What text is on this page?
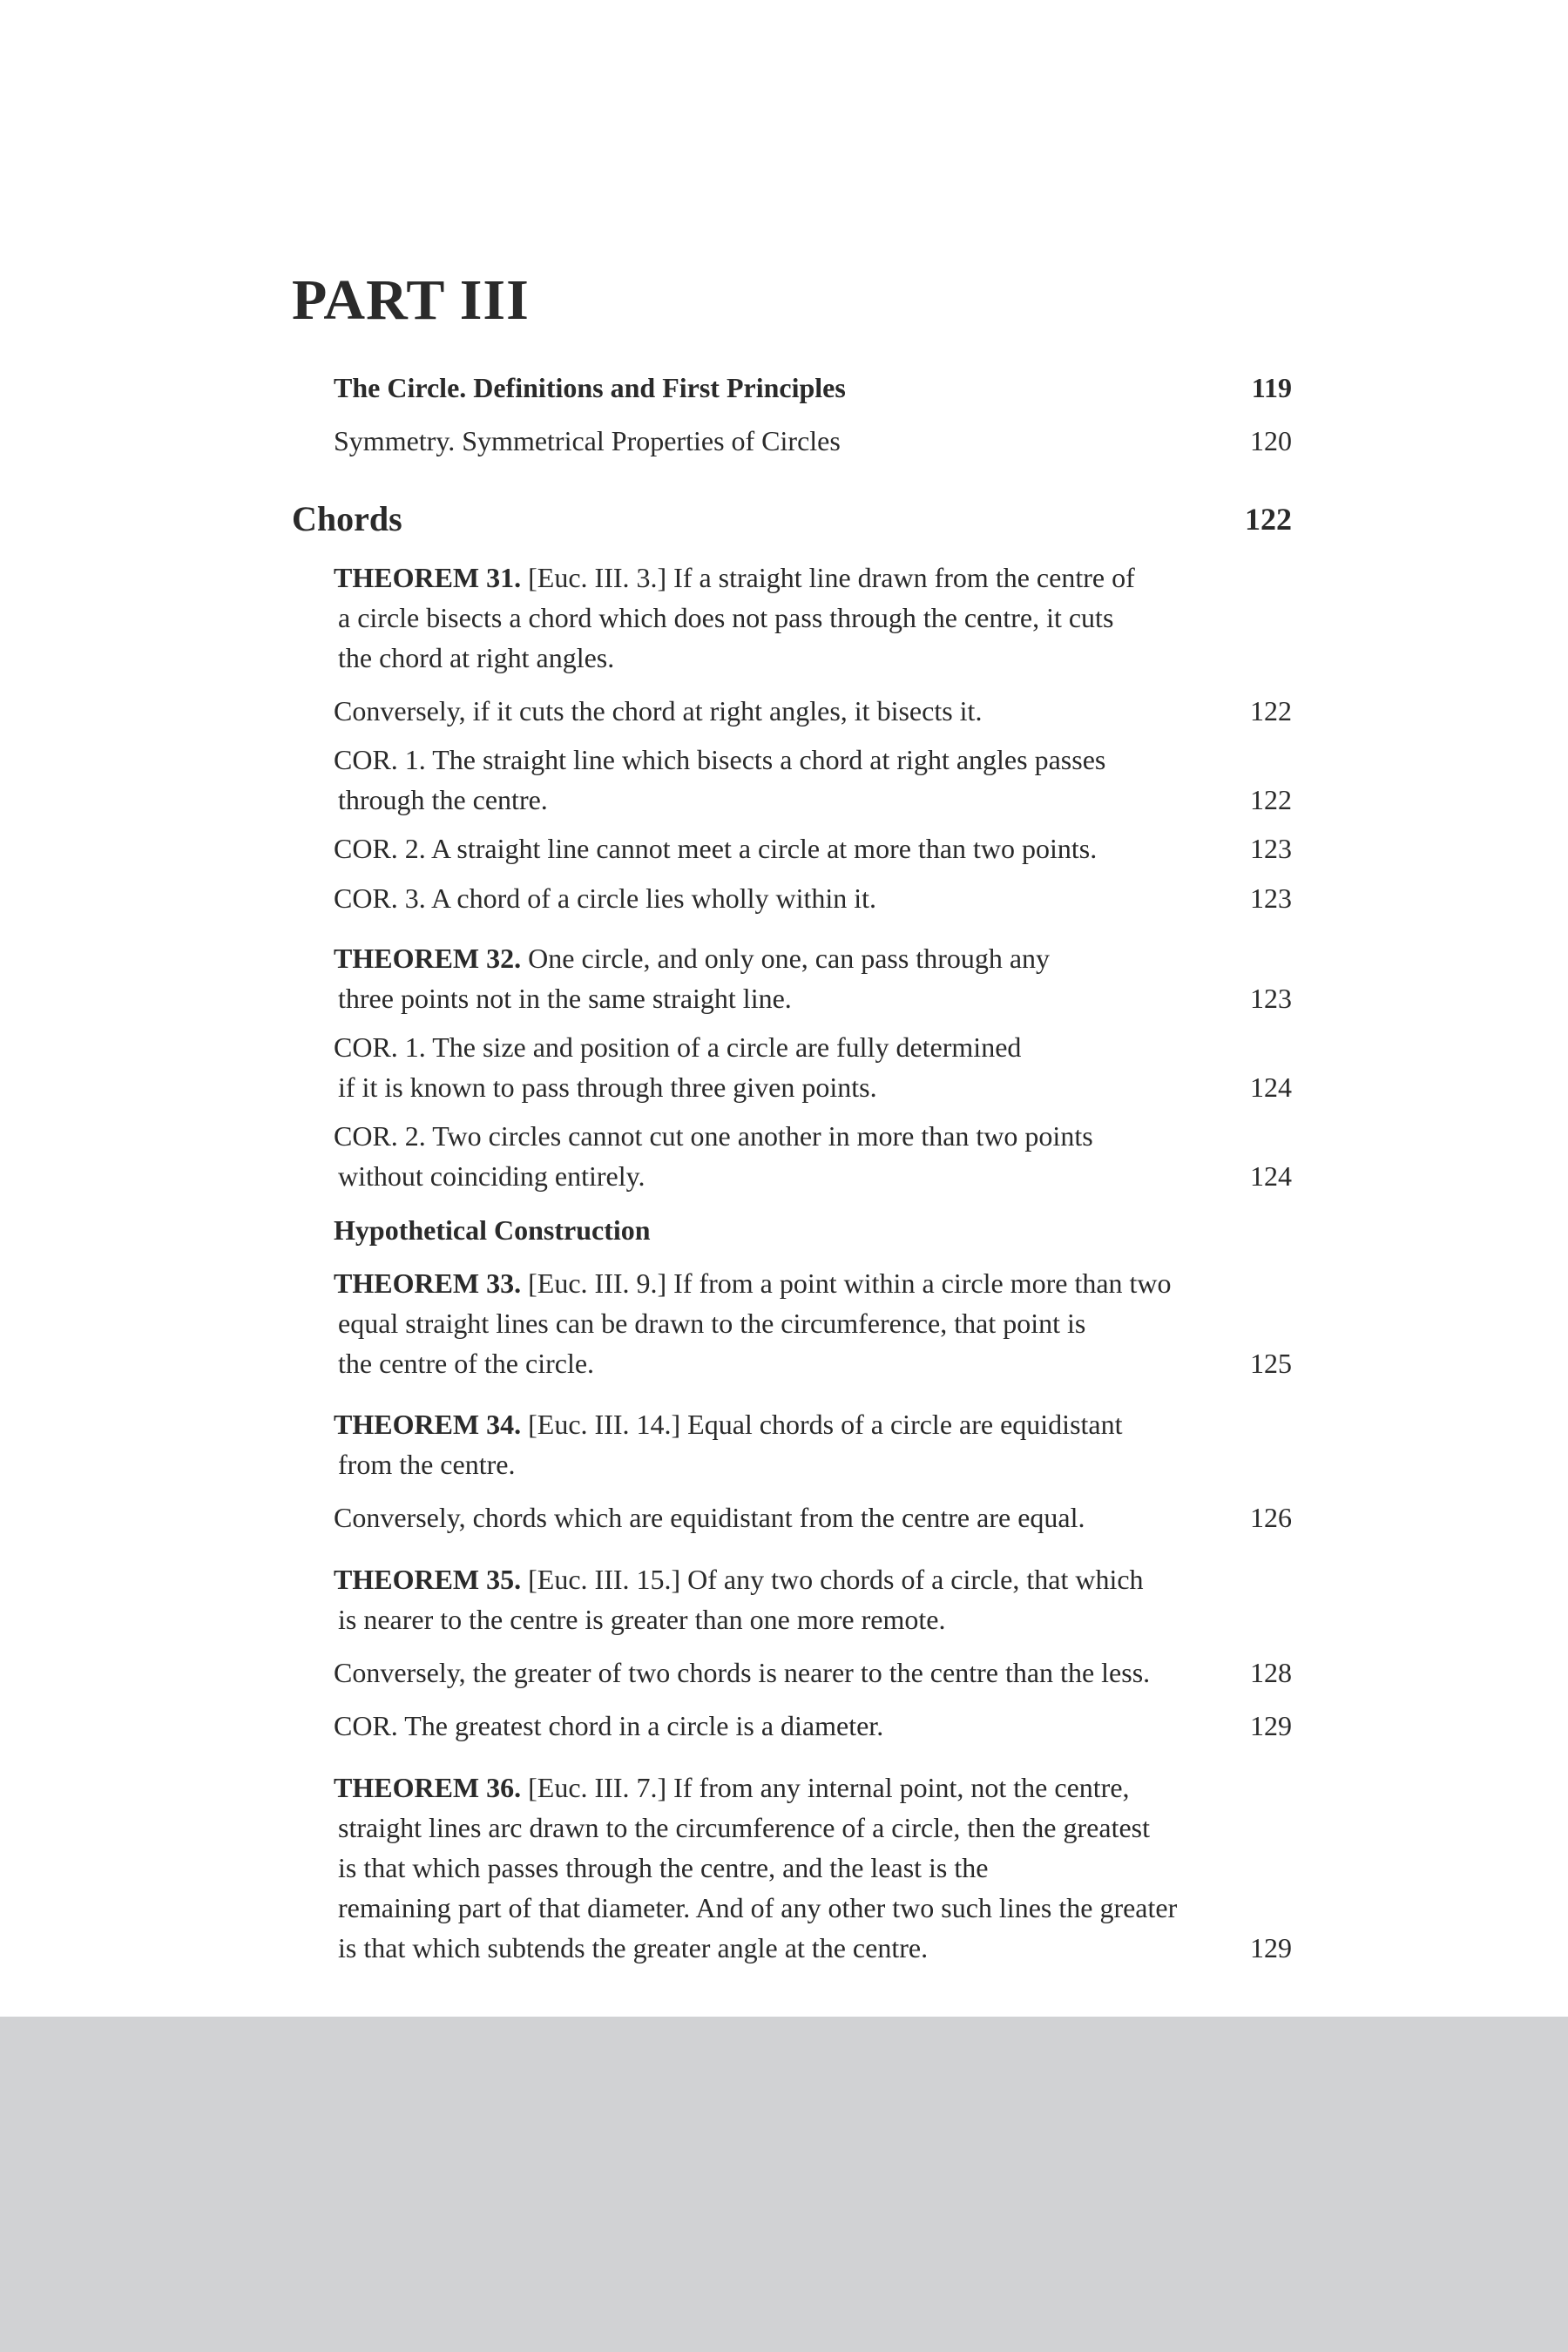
PART III
The Circle. Definitions and First Principles	119
Symmetry. Symmetrical Properties of Circles	120
Chords	122
THEOREM 31. [Euc. III. 3.] If a straight line drawn from the centre of
a circle bisects a chord which does not pass through the centre, it cuts
the chord at right angles.
Conversely, if it cuts the chord at right angles, it bisects it.	122
COR. 1. The straight line which bisects a chord at right angles passes
through the centre.	122
COR. 2. A straight line cannot meet a circle at more than two points.	123
COR. 3. A chord of a circle lies wholly within it.	123
THEOREM 32. One circle, and only one, can pass through any
three points not in the same straight line.	123
COR. 1. The size and position of a circle are fully determined
if it is known to pass through three given points.	124
COR. 2. Two circles cannot cut one another in more than two points
without coinciding entirely.	124
Hypothetical Construction
THEOREM 33. [Euc. III. 9.] If from a point within a circle more than two
equal straight lines can be drawn to the circumference, that point is
the centre of the circle.	125
THEOREM 34. [Euc. III. 14.] Equal chords of a circle are equidistant
from the centre.
Conversely, chords which are equidistant from the centre are equal.	126
THEOREM 35. [Euc. III. 15.] Of any two chords of a circle, that which
is nearer to the centre is greater than one more remote.
Conversely, the greater of two chords is nearer to the centre than the less.	128
COR. The greatest chord in a circle is a diameter.	129
THEOREM 36. [Euc. III. 7.] If from any internal point, not the centre,
straight lines arc drawn to the circumference of a circle, then the greatest
is that which passes through the centre, and the least is the
remaining part of that diameter. And of any other two such lines the greater
is that which subtends the greater angle at the centre.	129
